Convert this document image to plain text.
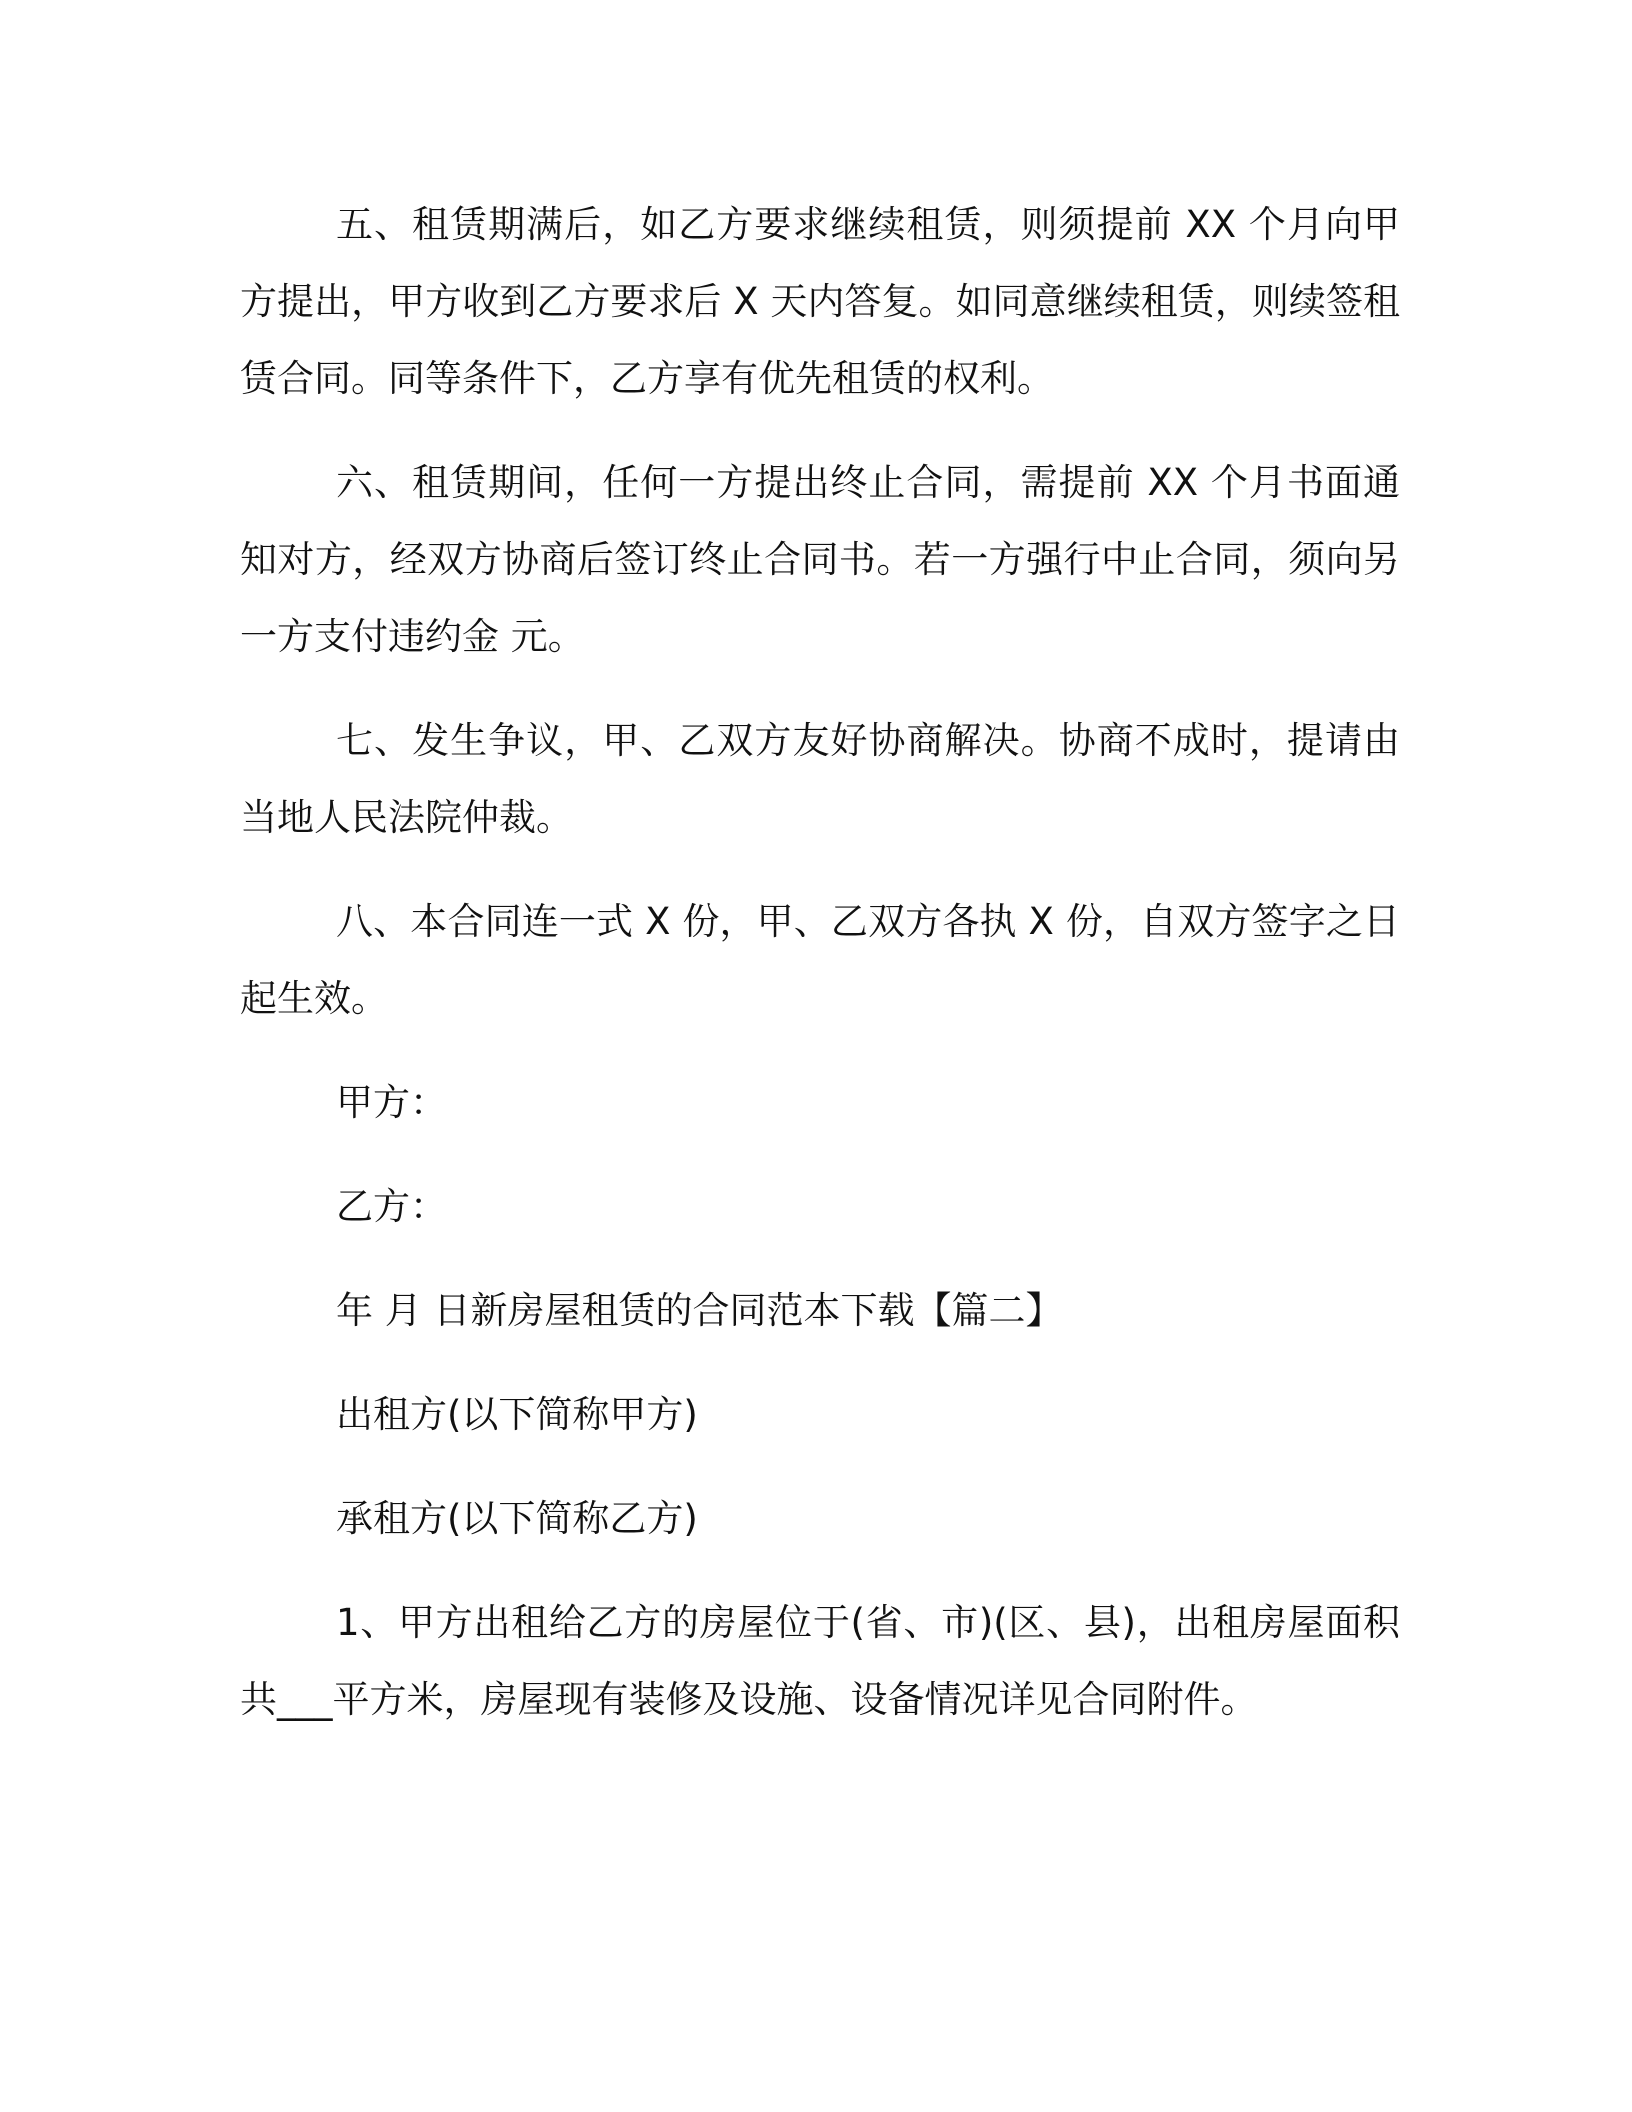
五、租赁期满后，如乙方要求继续租赁，则须提前 XX 个月向甲方提出，甲方收到乙方要求后 X 天内答复。如同意继续租赁，则续签租赁合同。同等条件下，乙方享有优先租赁的权利。

六、租赁期间，任何一方提出终止合同，需提前 XX 个月书面通知对方，经双方协商后签订终止合同书。若一方强行中止合同，须向另一方支付违约金 元。

七、发生争议，甲、乙双方友好协商解决。协商不成时，提请由当地人民法院仲裁。

八、本合同连一式 X 份，甲、乙双方各执 X 份，自双方签字之日起生效。

甲方：

乙方：

年 月 日新房屋租赁的合同范本下载【篇二】

出租方(以下简称甲方)

承租方(以下简称乙方)

1、甲方出租给乙方的房屋位于(省、市)(区、县)，出租房屋面积共___平方米，房屋现有装修及设施、设备情况详见合同附件。
